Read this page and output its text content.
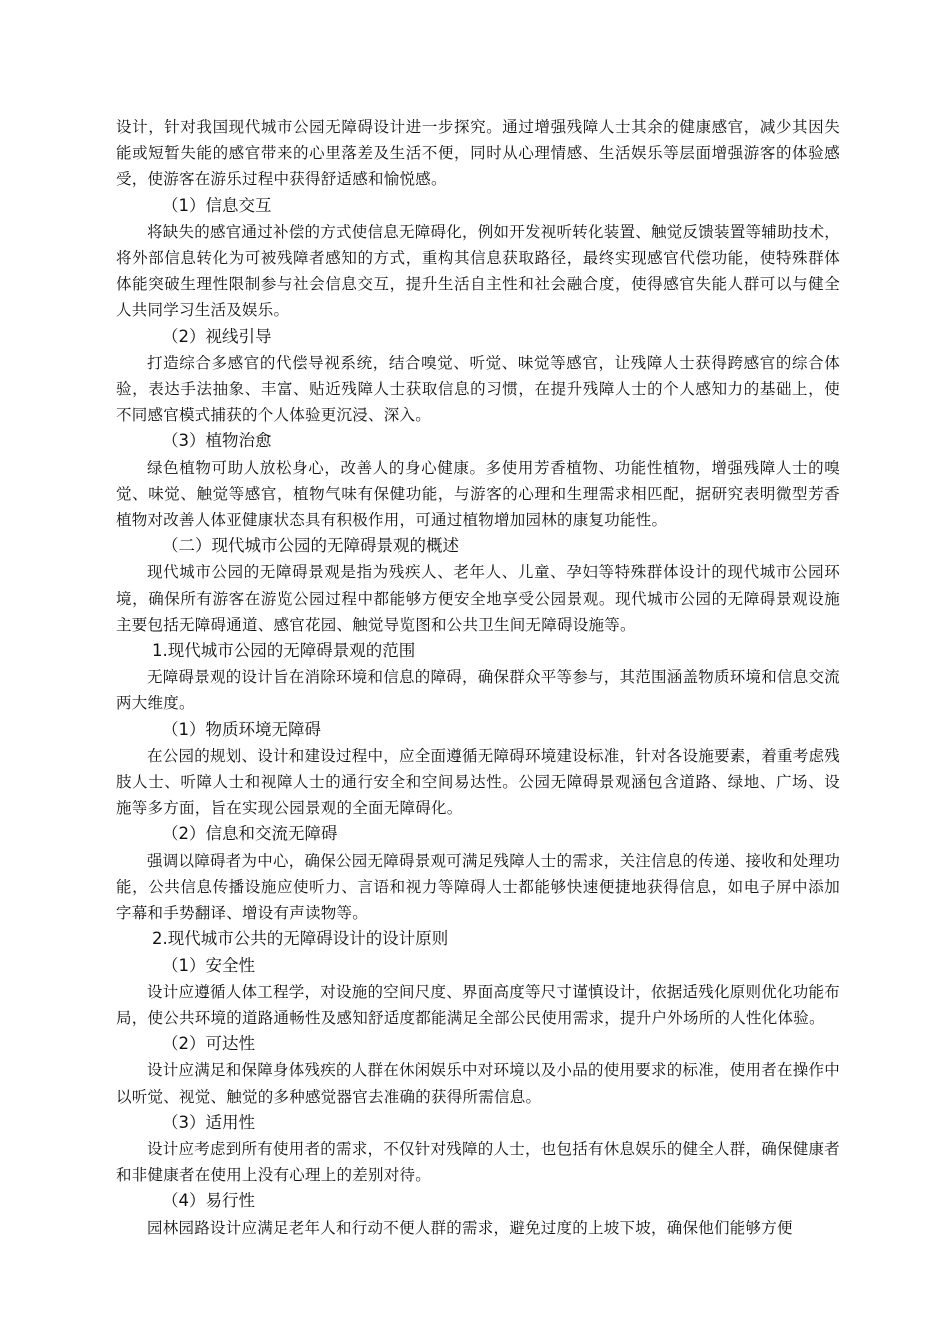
设计，针对我国现代城市公园无障碍设计进一步探究。通过增强残障人士其余的健康感官，减少其因失能或短暂失能的感官带来的心里落差及生活不便，同时从心理情感、生活娱乐等层面增强游客的体验感受，使游客在游乐过程中获得舒适感和愉悦感。

（1）信息交互

将缺失的感官通过补偿的方式使信息无障碍化，例如开发视听转化装置、触觉反馈装置等辅助技术，将外部信息转化为可被残障者感知的方式，重构其信息获取路径，最终实现感官代偿功能，使特殊群体体能突破生理性限制参与社会信息交互，提升生活自主性和社会融合度，使得感官失能人群可以与健全人共同学习生活及娱乐。

（2）视线引导

打造综合多感官的代偿导视系统，结合嗅觉、听觉、味觉等感官，让残障人士获得跨感官的综合体验，表达手法抽象、丰富、贴近残障人士获取信息的习惯，在提升残障人士的个人感知力的基础上，使不同感官模式捕获的个人体验更沉浸、深入。

（3）植物治愈

绿色植物可助人放松身心，改善人的身心健康。多使用芳香植物、功能性植物，增强残障人士的嗅觉、味觉、触觉等感官，植物气味有保健功能，与游客的心理和生理需求相匹配，据研究表明微型芳香植物对改善人体亚健康状态具有积极作用，可通过植物增加园林的康复功能性。

（二）现代城市公园的无障碍景观的概述

现代城市公园的无障碍景观是指为残疾人、老年人、儿童、孕妇等特殊群体设计的现代城市公园环境，确保所有游客在游览公园过程中都能够方便安全地享受公园景观。现代城市公园的无障碍景观设施主要包括无障碍通道、感官花园、触觉导览图和公共卫生间无障碍设施等。

1.现代城市公园的无障碍景观的范围

无障碍景观的设计旨在消除环境和信息的障碍，确保群众平等参与，其范围涵盖物质环境和信息交流两大维度。

（1）物质环境无障碍

在公园的规划、设计和建设过程中，应全面遵循无障碍环境建设标准，针对各设施要素，着重考虑残肢人士、听障人士和视障人士的通行安全和空间易达性。公园无障碍景观涵包含道路、绿地、广场、设施等多方面，旨在实现公园景观的全面无障碍化。

（2）信息和交流无障碍

强调以障碍者为中心，确保公园无障碍景观可满足残障人士的需求，关注信息的传递、接收和处理功能，公共信息传播设施应使听力、言语和视力等障碍人士都能够快速便捷地获得信息，如电子屏中添加字幕和手势翻译、增设有声读物等。

2.现代城市公共的无障碍设计的设计原则
（1）安全性

设计应遵循人体工程学，对设施的空间尺度、界面高度等尺寸谨慎设计，依据适残化原则优化功能布局，使公共环境的道路通畅性及感知舒适度都能满足全部公民使用需求，提升户外场所的人性化体验。

（2）可达性

设计应满足和保障身体残疾的人群在休闲娱乐中对环境以及小品的使用要求的标准，使用者在操作中以听觉、视觉、触觉的多种感觉器官去准确的获得所需信息。

（3）适用性

设计应考虑到所有使用者的需求，不仅针对残障的人士，也包括有休息娱乐的健全人群，确保健康者和非健康者在使用上没有心理上的差别对待。

（4）易行性

园林园路设计应满足老年人和行动不便人群的需求，避免过度的上坡下坡，确保他们能够方便
